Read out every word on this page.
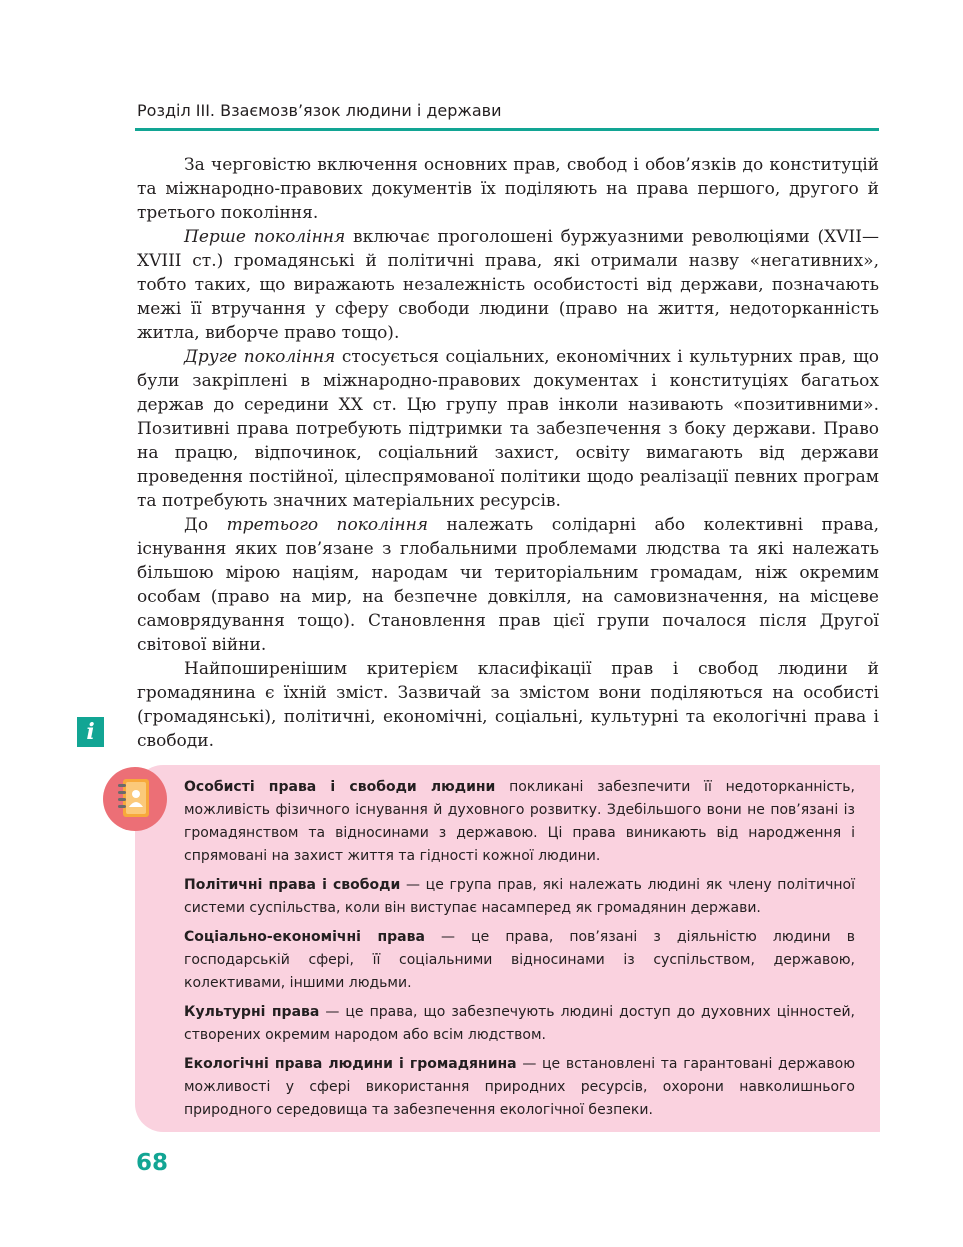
Розділ III. Взаємозв’язок людини і держави

За черговістю включення основних прав, свобод і обов’язків до конституцій та міжнародно-правових документів їх поділяють на права першого, другого й третього покоління.

Перше покоління включає проголошені буржуазними революціями (XVII—XVIII ст.) громадянські й політичні права, які отримали назву «негативних», тобто таких, що виражають незалежність особистості від держави, позначають межі її втручання у сферу свободи людини (право на життя, недоторканність житла, виборче право тощо).

Друге покоління стосується соціальних, економічних і культурних прав, що були закріплені в міжнародно-правових документах і конституціях багатьох держав до середини XX ст. Цю групу прав інколи називають «позитивними». Позитивні права потребують підтримки та забезпечення з боку держави. Право на працю, відпочинок, соціальний захист, освіту вимагають від держави проведення постійної, цілеспрямованої політики щодо реалізації певних програм та потребують значних матеріальних ресурсів.

До третього покоління належать солідарні або колективні права, існування яких пов’язане з глобальними проблемами людства та які належать більшою мірою націям, народам чи територіальним громадам, ніж окремим особам (право на мир, на безпечне довкілля, на самовизначення, на місцеве самоврядування тощо). Становлення прав цієї групи почалося після Другої світової війни.

Найпоширенішим критерієм класифікації прав і свобод людини й громадянина є їхній зміст. Зазвичай за змістом вони поділяються на особисті (громадянські), політичні, економічні, соціальні, культурні та екологічні права і свободи.

i

Особисті права і свободи людини покликані забезпечити її недоторканність, можливість фізичного існування й духовного розвитку. Здебільшого вони не пов’язані із громадянством та відносинами з державою. Ці права виникають від народження і спрямовані на захист життя та гідності кожної людини.

Політичні права і свободи — це група прав, які належать людині як члену політичної системи суспільства, коли він виступає насамперед як громадянин держави.

Соціально-економічні права — це права, пов’язані з діяльністю людини в господарській сфері, її соціальними відносинами із суспільством, державою, колективами, іншими людьми.

Культурні права — це права, що забезпечують людині доступ до духовних цінностей, створених окремим народом або всім людством.

Екологічні права людини і громадянина — це встановлені та гарантовані державою можливості у сфері використання природних ресурсів, охорони навколишнього природного середовища та забезпечення екологічної безпеки.

68
